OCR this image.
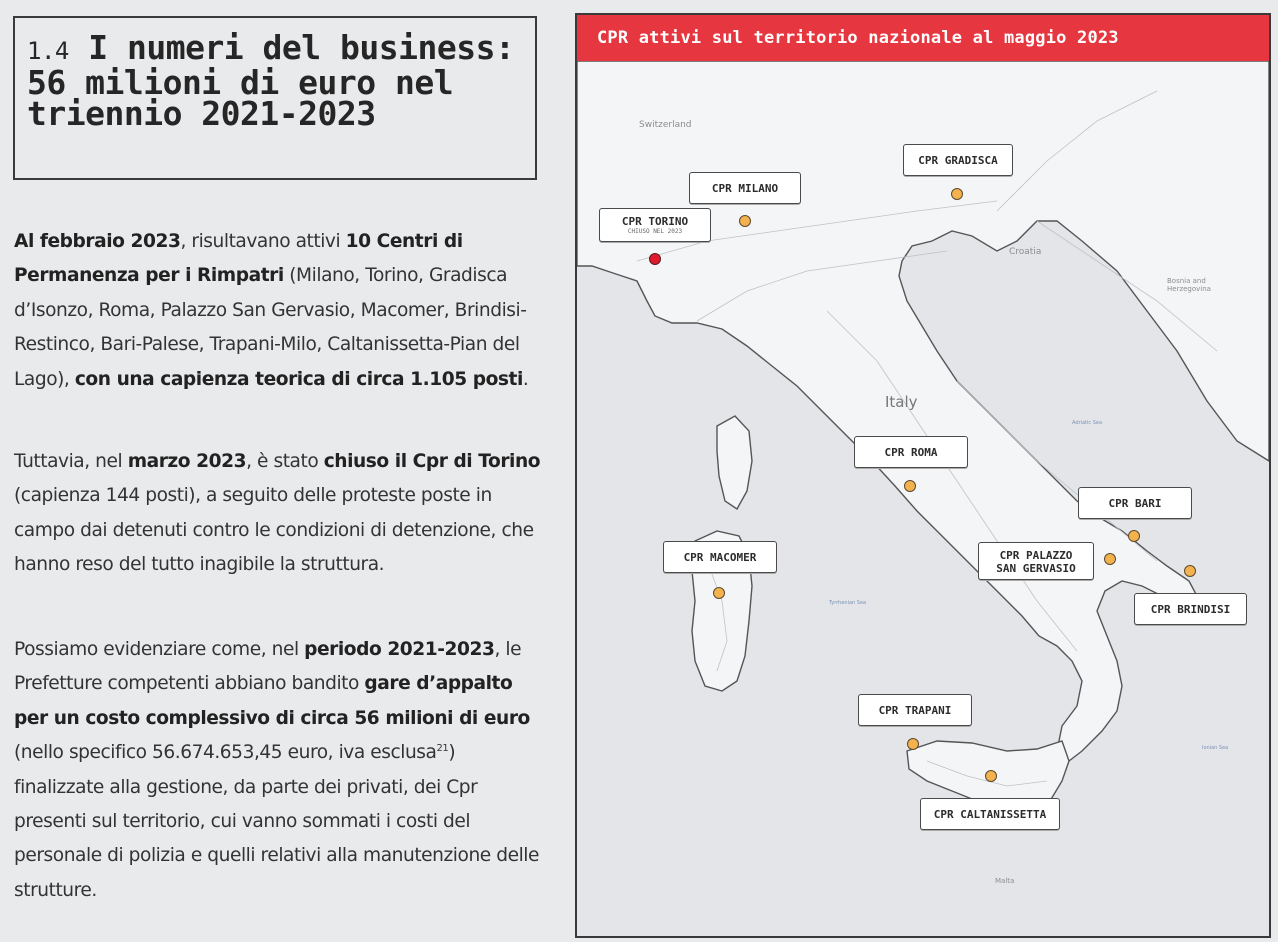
1.4 I numeri del business: 56 milioni di euro nel triennio 2021-2023
Al febbraio 2023, risultavano attivi 10 Centri di Permanenza per i Rimpatri (Milano, Torino, Gradisca d’Isonzo, Roma, Palazzo San Gervasio, Macomer, Brindisi-Restinco, Bari-Palese, Trapani-Milo, Caltanissetta-Pian del Lago), con una capienza teorica di circa 1.105 posti.
Tuttavia, nel marzo 2023, è stato chiuso il Cpr di Torino (capienza 144 posti), a seguito delle proteste poste in campo dai detenuti contro le condizioni di detenzione, che hanno reso del tutto inagibile la struttura.
Possiamo evidenziare come, nel periodo 2021-2023, le Prefetture competenti abbiano bandito gare d’appalto per un costo complessivo di circa 56 milioni di euro (nello specifico 56.674.653,45 euro, iva esclusa$^{21}$) finalizzate alla gestione, da parte dei privati, dei Cpr presenti sul territorio, cui vanno sommati i costi del personale di polizia e quelli relativi alla manutenzione delle strutture.
CPR attivi sul territorio nazionale al maggio 2023
Switzerland
Italy
Croatia
Bosnia and Herzegovina
Tyrrhenian Sea
Adriatic Sea
Ionian Sea
Malta
CPR TORINO
CHIUSO NEL 2023
CPR MILANO
CPR GRADISCA
CPR ROMA
CPR BARI
CPR PALAZZO
SAN GERVASIO
CPR BRINDISI
CPR MACOMER
CPR TRAPANI
CPR CALTANISSETTA
